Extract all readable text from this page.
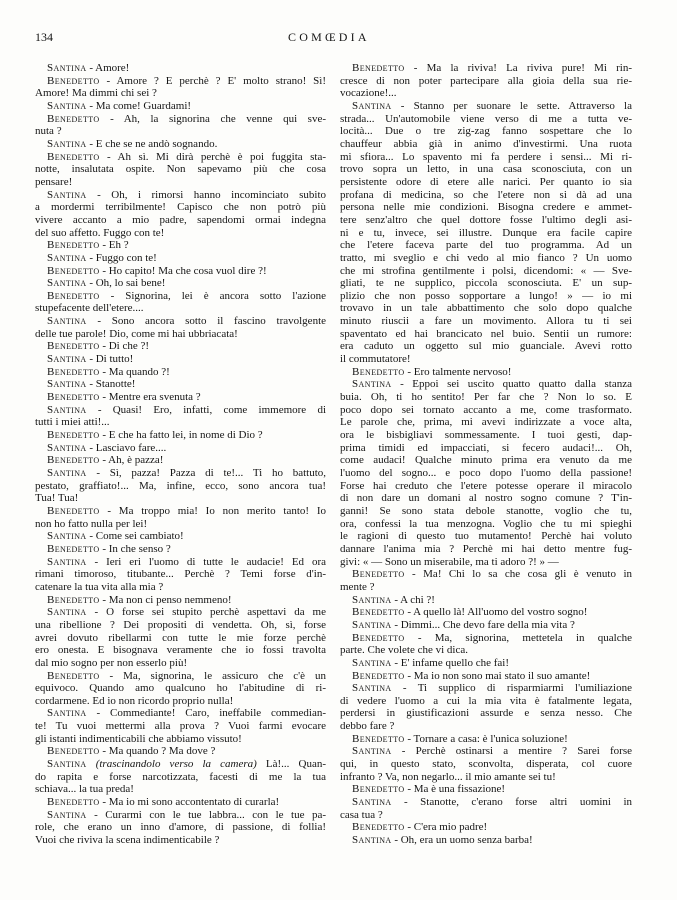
134	COMŒDIA
Santina - Amore!
Benedetto - Amore ? E perchè ? E' molto strano! Sì!
Amore! Ma dimmi chi sei ?
Santina - Ma come! Guardami!
Benedetto - Ah, la signorina che venne qui sve-
nuta ?
Santina - E che se ne andò sognando.
Benedetto - Ah sì. Mi dirà perchè è poi fuggita sta-
notte, insalutata ospite. Non sapevamo più che cosa
pensare!
Santina - Oh, i rimorsi hanno incominciato subito
a mordermi terribilmente! Capisco che non potrò più
vivere accanto a mio padre, sapendomi ormai indegna
del suo affetto. Fuggo con te!
Benedetto - Eh ?
Santina - Fuggo con te!
Benedetto - Ho capito! Ma che cosa vuol dire ?!
Santina - Oh, lo sai bene!
Benedetto - Signorina, lei è ancora sotto l'azione
stupefacente dell'etere....
Santina - Sono ancora sotto il fascino travolgente
delle tue parole! Dio, come mi hai ubbriacata!
Benedetto - Di che ?!
Santina - Di tutto!
Benedetto - Ma quando ?!
Santina - Stanotte!
Benedetto - Mentre era svenuta ?
Santina - Quasi! Ero, infatti, come immemore di
tutti i miei atti!...
Benedetto - E che ha fatto lei, in nome di Dio ?
Santina - Lasciavo fare....
Benedetto - Ah, è pazza!
Santina - Sì, pazza! Pazza di te!... Ti ho battuto,
pestato, graffiato!... Ma, infine, ecco, sono ancora tua!
Tua! Tua!
Benedetto - Ma troppo mia! Io non merito tanto! Io
non ho fatto nulla per lei!
Santina - Come sei cambiato!
Benedetto - In che senso ?
Santina - Ieri eri l'uomo di tutte le audacie! Ed ora
rimani timoroso, titubante... Perchè ? Temi forse d'in-
catenare la tua vita alla mia ?
Benedetto - Ma non ci penso nemmeno!
Santina - O forse sei stupito perchè aspettavi da me
una ribellione ? Dei propositi di vendetta. Oh, sì, forse
avrei dovuto ribellarmi con tutte le mie forze perchè
ero onesta. E bisognava veramente che io fossi travolta
dal mio sogno per non esserlo più!
Benedetto - Ma, signorina, le assicuro che c'è un
equivoco. Quando amo qualcuno ho l'abitudine di ri-
cordarmene. Ed io non ricordo proprio nulla!
Santina - Commediante! Caro, ineffabile commedian-
te! Tu vuoi mettermi alla prova ? Vuoi farmi evocare
gli istanti indimenticabili che abbiamo vissuto!
Benedetto - Ma quando ? Ma dove ?
Santina (trascinandolo verso la camera) Là!... Quan-
do rapita e forse narcotizzata, facesti di me la tua
schiava... la tua preda!
Benedetto - Ma io mi sono accontentato di curarla!
Santina - Curarmi con le tue labbra... con le tue pa-
role, che erano un inno d'amore, di passione, di follia!
Vuoi che riviva la scena indimenticabile ?
Benedetto - Ma la riviva! La riviva pure! Mi rin-
cresce di non poter partecipare alla gioia della sua rie-
vocazione!...
Santina - Stanno per suonare le sette. Attraverso la
strada... Un'automobile viene verso di me a tutta ve-
locità... Due o tre zig-zag fanno sospettare che lo
chauffeur abbia già in animo d'investirmi. Una ruota
mi sfiora... Lo spavento mi fa perdere i sensi... Mi ri-
trovo sopra un letto, in una casa sconosciuta, con un
persistente odore di etere alle narici. Per quanto io sia
profana di medicina, so che l'etere non si dà ad una
persona nelle mie condizioni. Bisogna credere e ammet-
tere senz'altro che quel dottore fosse l'ultimo degli asi-
ni e tu, invece, sei illustre. Dunque era facile capire
che l'etere faceva parte del tuo programma. Ad un
tratto, mi sveglio e chi vedo al mio fianco ? Un uomo
che mi strofina gentilmente i polsi, dicendomi: « — Sve-
gliati, te ne supplico, piccola sconosciuta. E' un sup-
plizio che non posso sopportare a lungo! » — io mi
trovavo in un tale abbattimento che solo dopo qualche
minuto riuscii a fare un movimento. Allora tu ti sei
spaventato ed hai brancicato nel buio. Sentii un rumore:
era caduto un oggetto sul mio guanciale. Avevi rotto
il commutatore!
Benedetto - Ero talmente nervoso!
Santina - Eppoi sei uscito quatto quatto dalla stanza
buia. Oh, ti ho sentito! Per far che ? Non lo so. E
poco dopo sei tornato accanto a me, come trasformato.
Le parole che, prima, mi avevi indirizzate a voce alta,
ora le bisbigliavi sommessamente. I tuoi gesti, dap-
prima timidi ed impacciati, si fecero audaci!... Oh,
come audaci! Qualche minuto prima era venuto da me
l'uomo del sogno... e poco dopo l'uomo della passione!
Forse hai creduto che l'etere potesse operare il miracolo
di non dare un domani al nostro sogno comune ? T'in-
ganni! Se sono stata debole stanotte, voglio che tu,
ora, confessi la tua menzogna. Voglio che tu mi spieghi
le ragioni di questo tuo mutamento! Perchè hai voluto
dannare l'anima mia ? Perchè mi hai detto mentre fug-
givi: « — Sono un miserabile, ma ti adoro ?! » —
Benedetto - Ma! Chi lo sa che cosa gli è venuto in
mente ?
Santina - A chi ?!
Benedetto - A quello là! All'uomo del vostro sogno!
Santina - Dimmi... Che devo fare della mia vita ?
Benedetto - Ma, signorina, mettetela in qualche
parte. Che volete che vi dica.
Santina - E' infame quello che fai!
Benedetto - Ma io non sono mai stato il suo amante!
Santina - Ti supplico di risparmiarmi l'umiliazione
di vedere l'uomo a cui la mia vita è fatalmente legata,
perdersi in giustificazioni assurde e senza nesso. Che
debbo fare ?
Benedetto - Tornare a casa: è l'unica soluzione!
Santina - Perchè ostinarsi a mentire ? Sarei forse
qui, in questo stato, sconvolta, disperata, col cuore
infranto ? Va, non negarlo... il mio amante sei tu!
Benedetto - Ma è una fissazione!
Santina - Stanotte, c'erano forse altri uomini in
casa tua ?
Benedetto - C'era mio padre!
Santina - Oh, era un uomo senza barba!
